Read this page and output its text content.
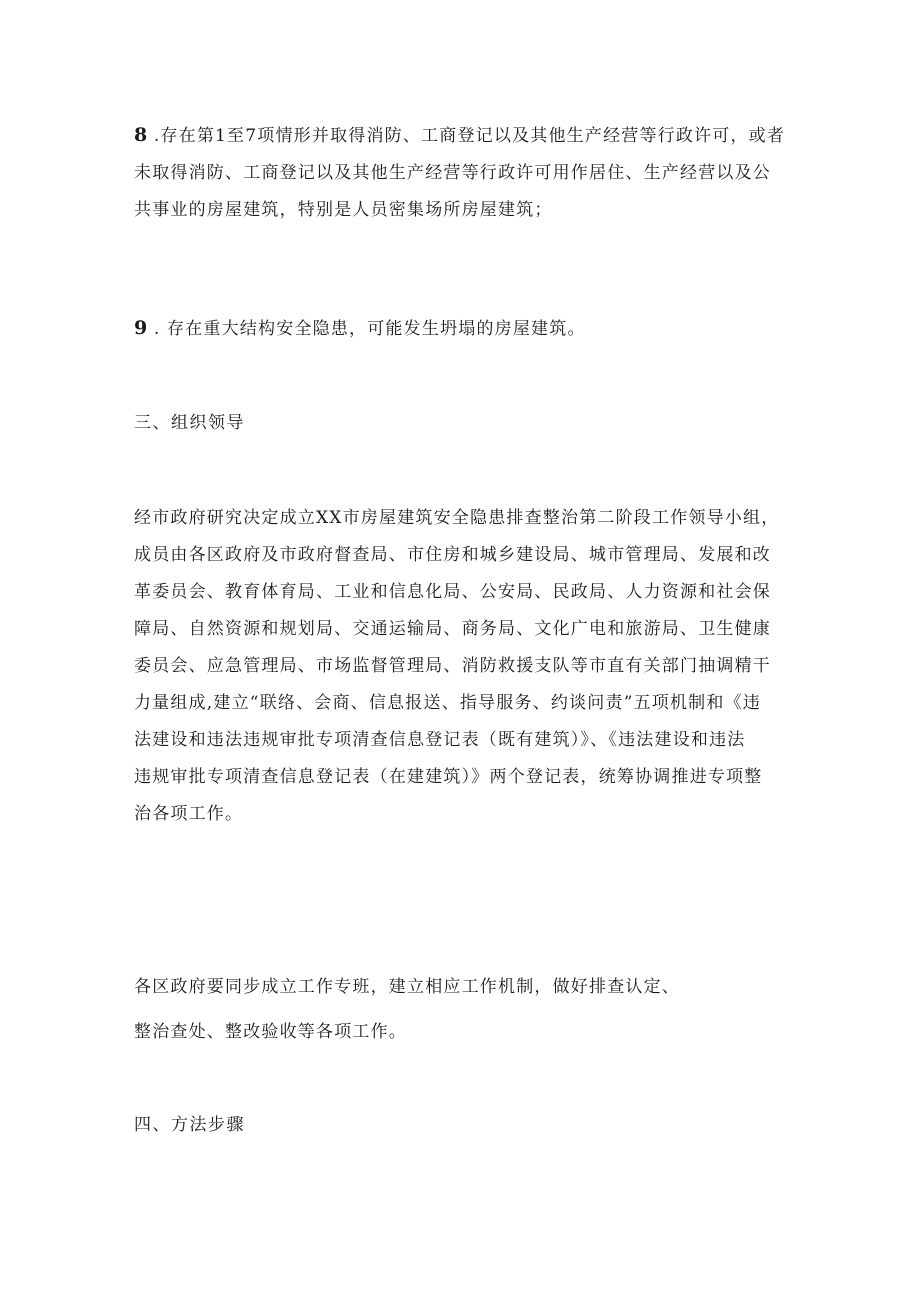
8 .存在第1至7项情形并取得消防、工商登记以及其他生产经营等行政许可，或者
未取得消防、工商登记以及其他生产经营等行政许可用作居住、生产经营以及公
共事业的房屋建筑，特别是人员密集场所房屋建筑；
9 . 存在重大结构安全隐患，可能发生坍塌的房屋建筑。
三、组织领导
经市政府研究决定成立XX市房屋建筑安全隐患排查整治第二阶段工作领导小组，
成员由各区政府及市政府督查局、市住房和城乡建设局、城市管理局、发展和改
革委员会、教育体育局、工业和信息化局、公安局、民政局、人力资源和社会保
障局、自然资源和规划局、交通运输局、商务局、文化广电和旅游局、卫生健康
委员会、应急管理局、市场监督管理局、消防救援支队等市直有关部门抽调精干
力量组成,建立“联络、会商、信息报送、指导服务、约谈问责”五项机制和《违
法建设和违法违规审批专项清查信息登记表（既有建筑）》、《违法建设和违法
违规审批专项清查信息登记表（在建建筑）》两个登记表，统筹协调推进专项整
治各项工作。
各区政府要同步成立工作专班，建立相应工作机制，做好排查认定、
整治查处、整改验收等各项工作。
四、方法步骤
